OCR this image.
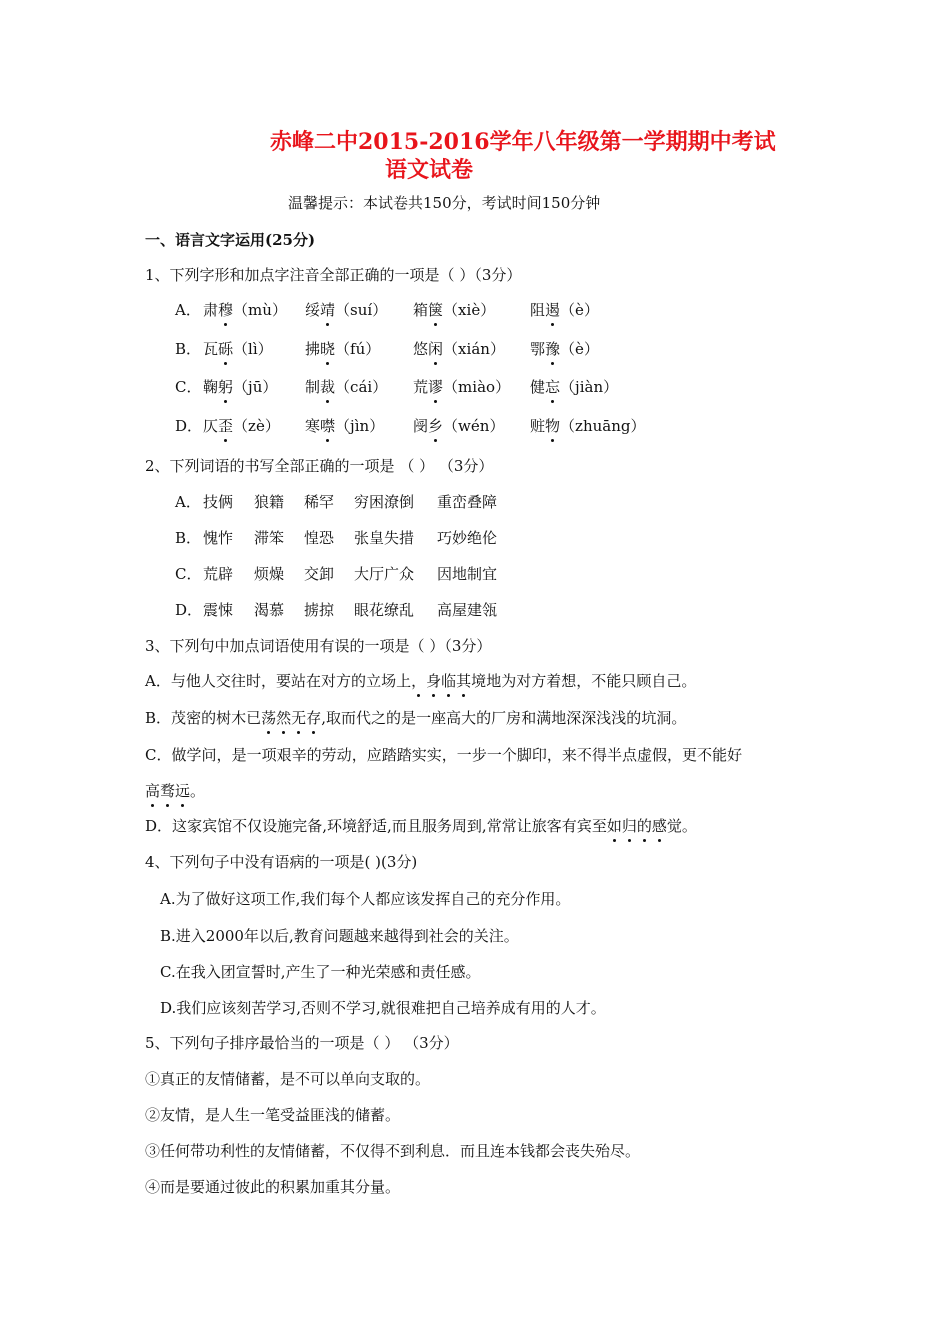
赤峰二中2015-2016学年八年级第一学期期中考试
语文试卷
温馨提示：本试卷共150分，考试时间150分钟
一、语言文字运用(25分)
1、下列字形和加点字注音全部正确的一项是（ ）（3分）
A． 肃穆（mù） 绥靖（suí） 箱箧（xiè） 阻遏（è）
B． 瓦砾（lì） 拂晓（fú） 悠闲（xián） 鄂豫（è）
C． 鞠躬（jū） 制裁（cái） 荒谬（miào） 健忘（jiàn）
D． 仄歪（zè） 寒噤（jìn） 阌乡（wén） 赃物（zhuāng）
2、下列词语的书写全部正确的一项是 （ ） （3分）
A． 技俩 狼籍 稀罕 穷困潦倒 重峦叠障
B． 愧怍 滞笨 惶恐 张皇失措 巧妙绝伦
C． 荒辟 烦燥 交卸 大厅广众 因地制宜
D． 震悚 渴慕 掳掠 眼花缭乱 高屋建瓴
3、下列句中加点词语使用有误的一项是（ ）（3分）
A．与他人交往时，要站在对方的立场上，身临其境地为对方着想，不能只顾自己。
B．茂密的树木已荡然无存,取而代之的是一座高大的厂房和满地深深浅浅的坑洞。
C．做学问，是一项艰辛的劳动，应踏踏实实，一步一个脚印，来不得半点虚假，更不能好
高骛远。
D．这家宾馆不仅设施完备,环境舒适,而且服务周到,常常让旅客有宾至如归的感觉。
4、下列句子中没有语病的一项是( )(3分)
A.为了做好这项工作,我们每个人都应该发挥自己的充分作用。
B.进入2000年以后,教育问题越来越得到社会的关注。
C.在我入团宣誓时,产生了一种光荣感和责任感。
D.我们应该刻苦学习,否则不学习,就很难把自己培养成有用的人才。
5、下列句子排序最恰当的一项是（ ） （3分）
①真正的友情储蓄，是不可以单向支取的。
②友情，是人生一笔受益匪浅的储蓄。
③任何带功利性的友情储蓄，不仅得不到利息．而且连本钱都会丧失殆尽。
④而是要通过彼此的积累加重其分量。
